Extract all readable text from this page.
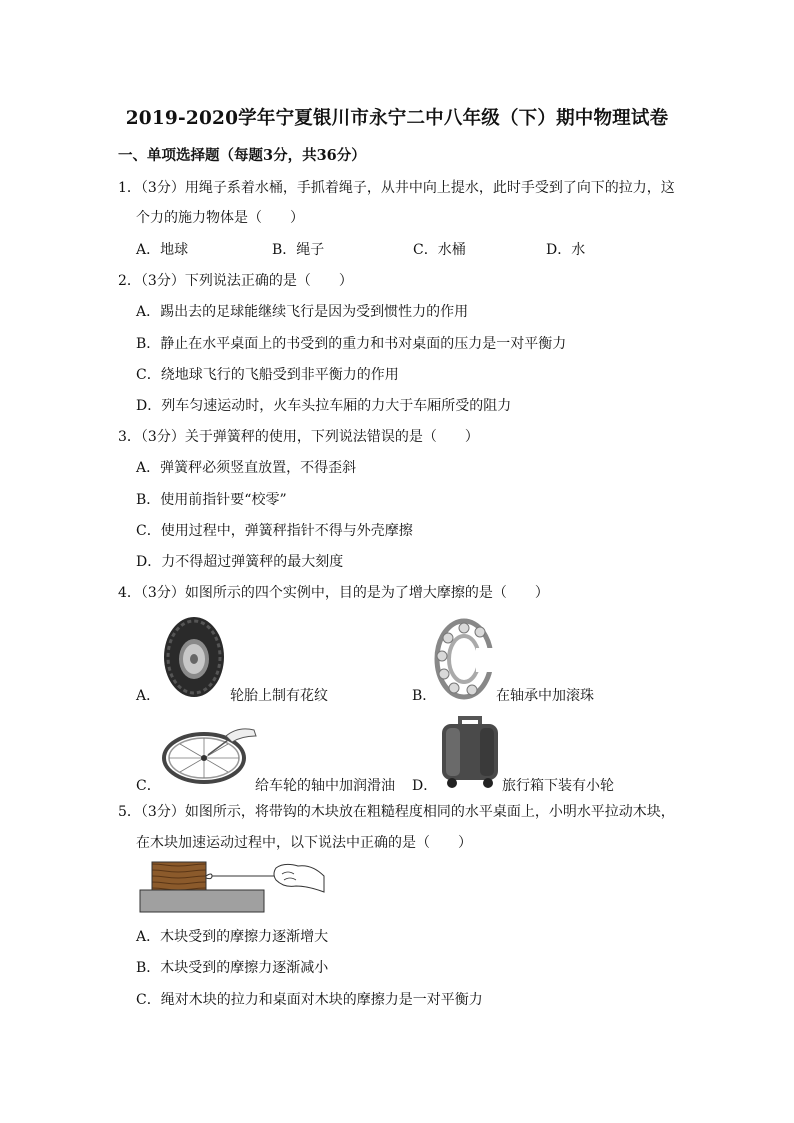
2019-2020学年宁夏银川市永宁二中八年级（下）期中物理试卷
一、单项选择题（每题3分，共36分）
1．（3分）用绳子系着水桶，手抓着绳子，从井中向上提水，此时手受到了向下的拉力，这
个力的施力物体是（　　）
A．地球	B．绳子	C．水桶	D．水
2．（3分）下列说法正确的是（　　）
A．踢出去的足球能继续飞行是因为受到惯性力的作用
B．静止在水平桌面上的书受到的重力和书对桌面的压力是一对平衡力
C．绕地球飞行的飞船受到非平衡力的作用
D．列车匀速运动时，火车头拉车厢的力大于车厢所受的阻力
3．（3分）关于弹簧秤的使用，下列说法错误的是（　　）
A．弹簧秤必须竖直放置，不得歪斜
B．使用前指针要“校零”
C．使用过程中，弹簧秤指针不得与外壳摩擦
D．力不得超过弹簧秤的最大刻度
4．（3分）如图所示的四个实例中，目的是为了增大摩擦的是（　　）
A．	轮胎上制有花纹	B．	在轴承中加滚珠
C．	给车轮的轴中加润滑油 D．	旅行箱下装有小轮
5．（3分）如图所示，将带钩的木块放在粗糙程度相同的水平桌面上，小明水平拉动木块，
在木块加速运动过程中，以下说法中正确的是（　　）
A．木块受到的摩擦力逐渐增大
B．木块受到的摩擦力逐渐减小
C．绳对木块的拉力和桌面对木块的摩擦力是一对平衡力
